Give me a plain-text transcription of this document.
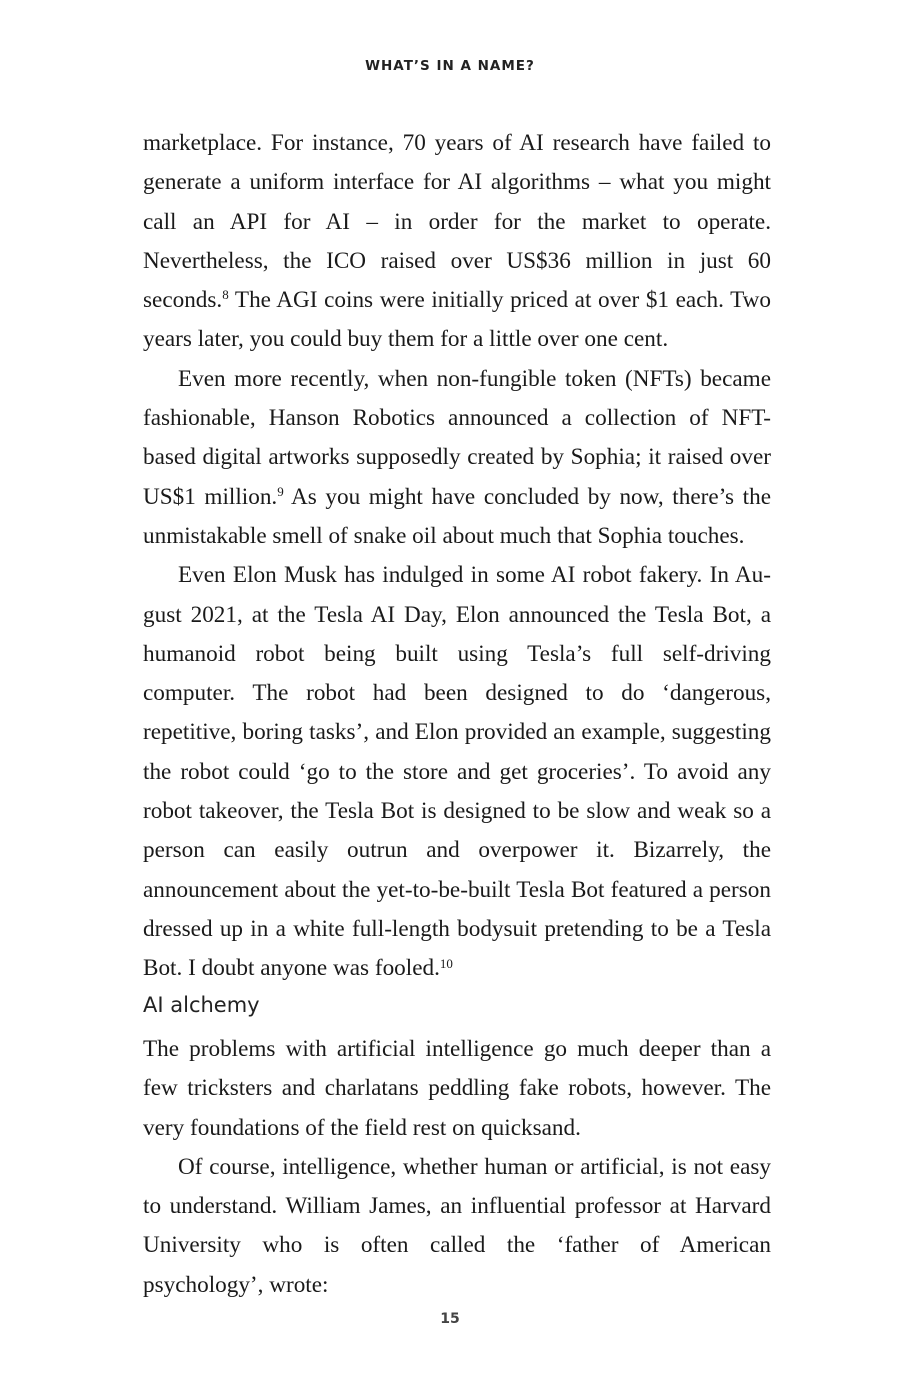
WHAT’S IN A NAME?

marketplace. For instance, 70 years of AI research have failed to generate a uniform interface for AI algorithms – what you might call an API for AI – in order for the market to operate. Nevertheless, the ICO raised over US$36 million in just 60 seconds.$^8$ The AGI coins were initially priced at over $1 each. Two years later, you could buy them for a little over one cent.

Even more recently, when non-fungible token (NFTs) became fashionable, Hanson Robotics announced a collection of NFT-based digital artworks supposedly created by Sophia; it raised over US$1 million.$^9$ As you might have concluded by now, there’s the unmistakable smell of snake oil about much that Sophia touches.

Even Elon Musk has indulged in some AI robot fakery. In August 2021, at the Tesla AI Day, Elon announced the Tesla Bot, a humanoid robot being built using Tesla’s full self-driving computer. The robot had been designed to do ‘dangerous, repetitive, boring tasks’, and Elon provided an example, suggesting the robot could ‘go to the store and get groceries’. To avoid any robot takeover, the Tesla Bot is designed to be slow and weak so a person can easily outrun and overpower it. Bizarrely, the announcement about the yet-to-be-built Tesla Bot featured a person dressed up in a white full-length bodysuit pretending to be a Tesla Bot. I doubt anyone was fooled.$^{10}$

AI alchemy

The problems with artificial intelligence go much deeper than a few tricksters and charlatans peddling fake robots, however. The very foundations of the field rest on quicksand.

Of course, intelligence, whether human or artificial, is not easy to understand. William James, an influential professor at Harvard University who is often called the ‘father of American psychology’, wrote:

15
